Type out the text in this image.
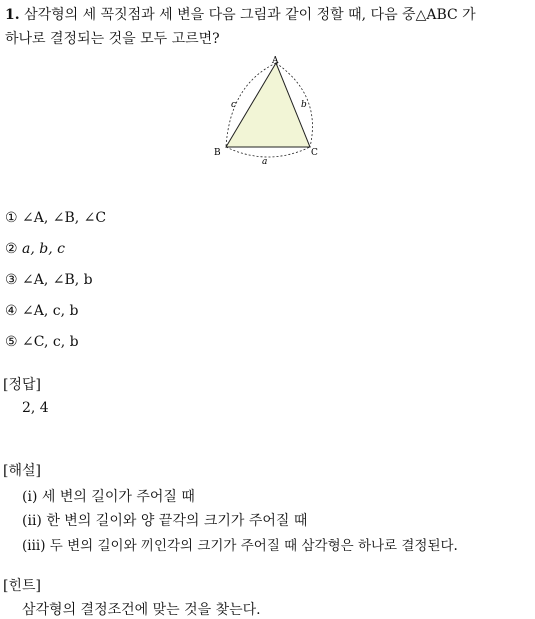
1. 삼각형의 세 꼭짓점과 세 변을 다음 그림과 같이 정할 때, 다음 중△ABC 가
하나로 결정되는 것을 모두 고르면?
A
B	C
a
b
c
① ∠A, ∠B, ∠C
② a, b, c
③ ∠A, ∠B, b
④ ∠A, c, b
⑤ ∠C, c, b
[정답]
2, 4
[해설]
(ⅰ) 세 변의 길이가 주어질 때
(ⅱ) 한 변의 길이와 양 끝각의 크기가 주어질 때
(ⅲ) 두 변의 길이와 끼인각의 크기가 주어질 때 삼각형은 하나로 결정된다.
[힌트]
삼각형의 결정조건에 맞는 것을 찾는다.
